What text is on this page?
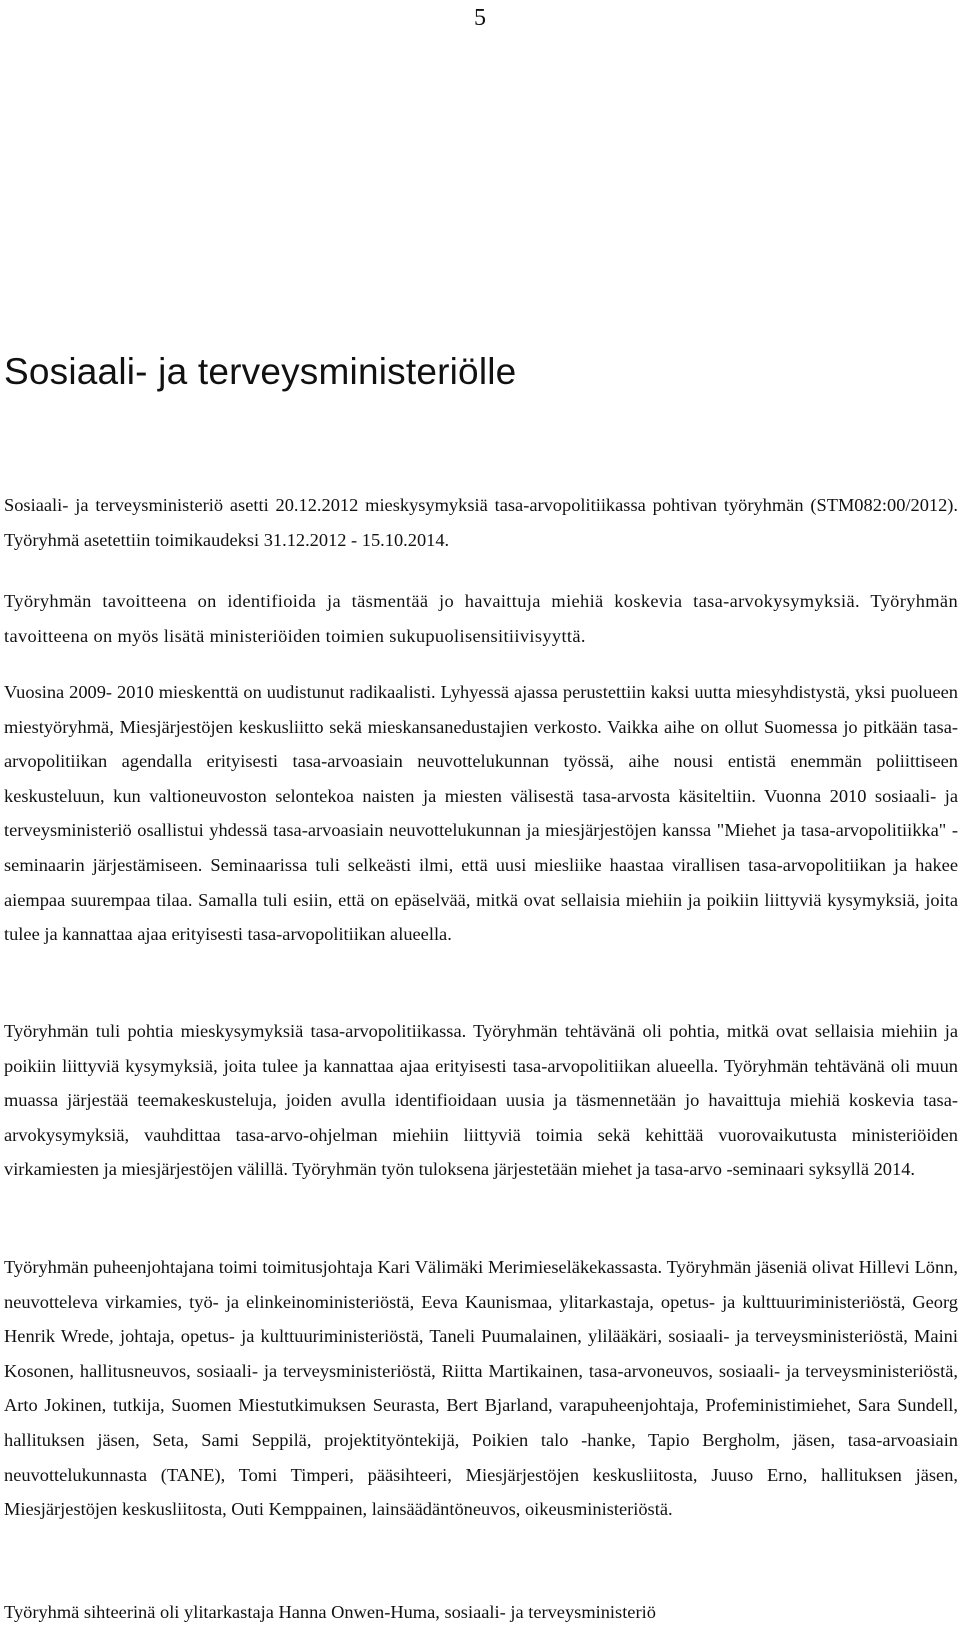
5
Sosiaali- ja terveysministeriölle

Sosiaali- ja terveysministeriö asetti 20.12.2012 mieskysymyksiä tasa-arvopolitiikassa pohtivan työryhmän (STM082:00/2012). Työryhmä asetettiin toimikaudeksi 31.12.2012 - 15.10.2014.

Työryhmän tavoitteena on identifioida ja täsmentää jo havaittuja miehiä koskevia tasa-arvokysymyksiä. Työryhmän tavoitteena on myös lisätä ministeriöiden toimien sukupuolisensitiivisyyttä.

Vuosina 2009- 2010 mieskenttä on uudistunut radikaalisti. Lyhyessä ajassa perustettiin kaksi uutta miesyhdistystä, yksi puolueen miestyöryhmä, Miesjärjestöjen keskusliitto sekä mieskansanedustajien verkosto. Vaikka aihe on ollut Suomessa jo pitkään tasa-arvopolitiikan agendalla erityisesti tasa-arvoasiain neuvottelukunnan työssä, aihe nousi entistä enemmän poliittiseen keskusteluun, kun valtioneuvoston selontekoa naisten ja miesten välisestä tasa-arvosta käsiteltiin. Vuonna 2010 sosiaali- ja terveysministeriö osallistui yhdessä tasa-arvoasiain neuvottelukunnan ja miesjärjestöjen kanssa "Miehet ja tasa-arvopolitiikka" -seminaarin järjestämiseen. Seminaarissa tuli selkeästi ilmi, että uusi miesliike haastaa virallisen tasa-arvopolitiikan ja hakee aiempaa suurempaa tilaa. Samalla tuli esiin, että on epäselvää, mitkä ovat sellaisia miehiin ja poikiin liittyviä kysymyksiä, joita tulee ja kannattaa ajaa erityisesti tasa-arvopolitiikan alueella.

Työryhmän tuli pohtia mieskysymyksiä tasa-arvopolitiikassa. Työryhmän tehtävänä oli pohtia, mitkä ovat sellaisia miehiin ja poikiin liittyviä kysymyksiä, joita tulee ja kannattaa ajaa erityisesti tasa-arvopolitiikan alueella. Työryhmän tehtävänä oli muun muassa järjestää teemakeskusteluja, joiden avulla identifioidaan uusia ja täsmennetään jo havaittuja miehiä koskevia tasa-arvokysymyksiä, vauhdittaa tasa-arvo-ohjelman miehiin liittyviä toimia sekä kehittää vuorovaikutusta ministeriöiden virkamiesten ja miesjärjestöjen välillä. Työryhmän työn tuloksena järjestetään miehet ja tasa-arvo -seminaari syksyllä 2014.

Työryhmän puheenjohtajana toimi toimitusjohtaja Kari Välimäki Merimieseläkekassasta. Työryhmän jäseniä olivat Hillevi Lönn, neuvotteleva virkamies, työ- ja elinkeinoministeriöstä, Eeva Kaunismaa, ylitarkastaja, opetus- ja kulttuuriministeriöstä, Georg Henrik Wrede, johtaja, opetus- ja kulttuuriministeriöstä, Taneli Puumalainen, ylilääkäri, sosiaali- ja terveysministeriöstä, Maini Kosonen, hallitusneuvos, sosiaali- ja terveysministeriöstä, Riitta Martikainen, tasa-arvoneuvos, sosiaali- ja terveysministeriöstä, Arto Jokinen, tutkija, Suomen Miestutkimuksen Seurasta, Bert Bjarland, varapuheenjohtaja, Profeministimiehet, Sara Sundell, hallituksen jäsen, Seta, Sami Seppilä, projektityöntekijä, Poikien talo -hanke, Tapio Bergholm, jäsen, tasa-arvoasiain neuvottelukunnasta (TANE), Tomi Timperi, pääsihteeri, Miesjärjestöjen keskusliitosta, Juuso Erno, hallituksen jäsen, Miesjärjestöjen keskusliitosta, Outi Kemppainen, lainsäädäntöneuvos, oikeusministeriöstä.

Työryhmä sihteerinä oli ylitarkastaja Hanna Onwen-Huma, sosiaali- ja terveysministeriö
